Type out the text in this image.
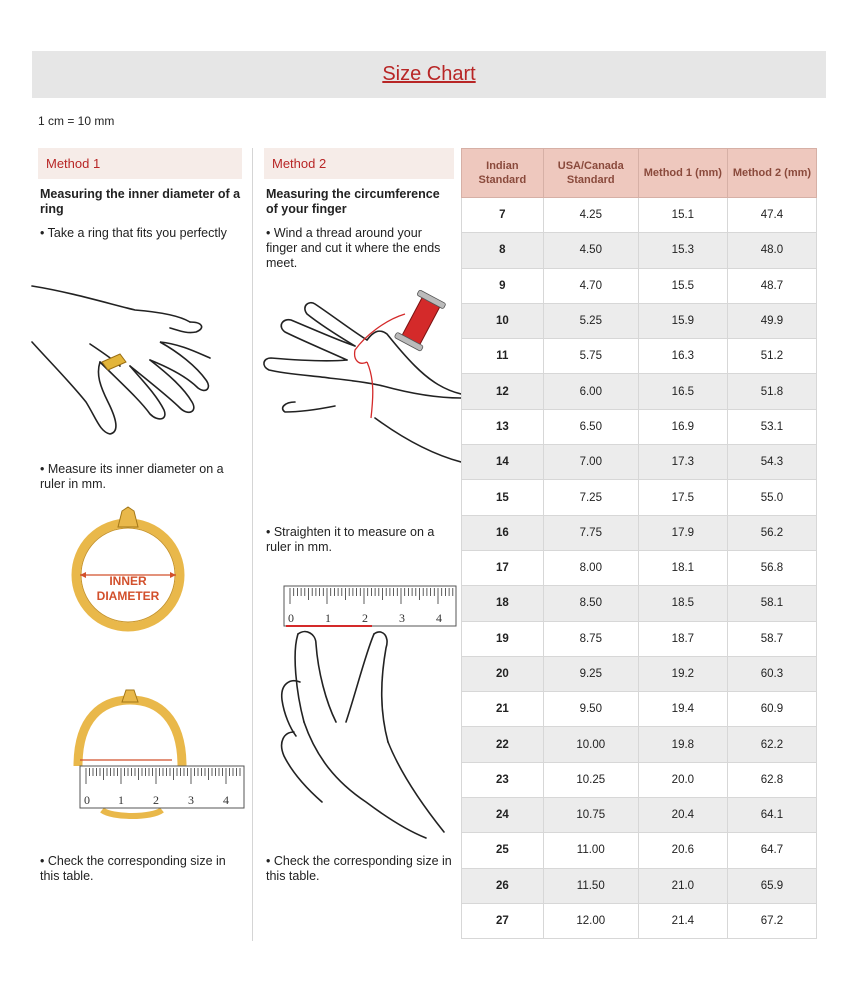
Size Chart
1 cm = 10 mm
Method 1
Measuring the inner diameter of a ring
• Take a ring that fits you perfectly
• Measure its inner diameter on a ruler in mm.
INNER
DIAMETER
0 1 2 3 4
• Check the corresponding size in this table.
Method 2
Measuring the circumference of your finger
• Wind a thread around your finger and cut it where the ends meet.
• Straighten it to measure on a ruler in mm.
0	1	2	3	4
• Check the corresponding size in this table.
Indian Standard	USA/Canada Standard	Method 1 (mm)	Method 2 (mm)
7	4.25	15.1	47.4
8	4.50	15.3	48.0
9	4.70	15.5	48.7
10	5.25	15.9	49.9
11	5.75	16.3	51.2
12	6.00	16.5	51.8
13	6.50	16.9	53.1
14	7.00	17.3	54.3
15	7.25	17.5	55.0
16	7.75	17.9	56.2
17	8.00	18.1	56.8
18	8.50	18.5	58.1
19	8.75	18.7	58.7
20	9.25	19.2	60.3
21	9.50	19.4	60.9
22	10.00	19.8	62.2
23	10.25	20.0	62.8
24	10.75	20.4	64.1
25	11.00	20.6	64.7
26	11.50	21.0	65.9
27	12.00	21.4	67.2
